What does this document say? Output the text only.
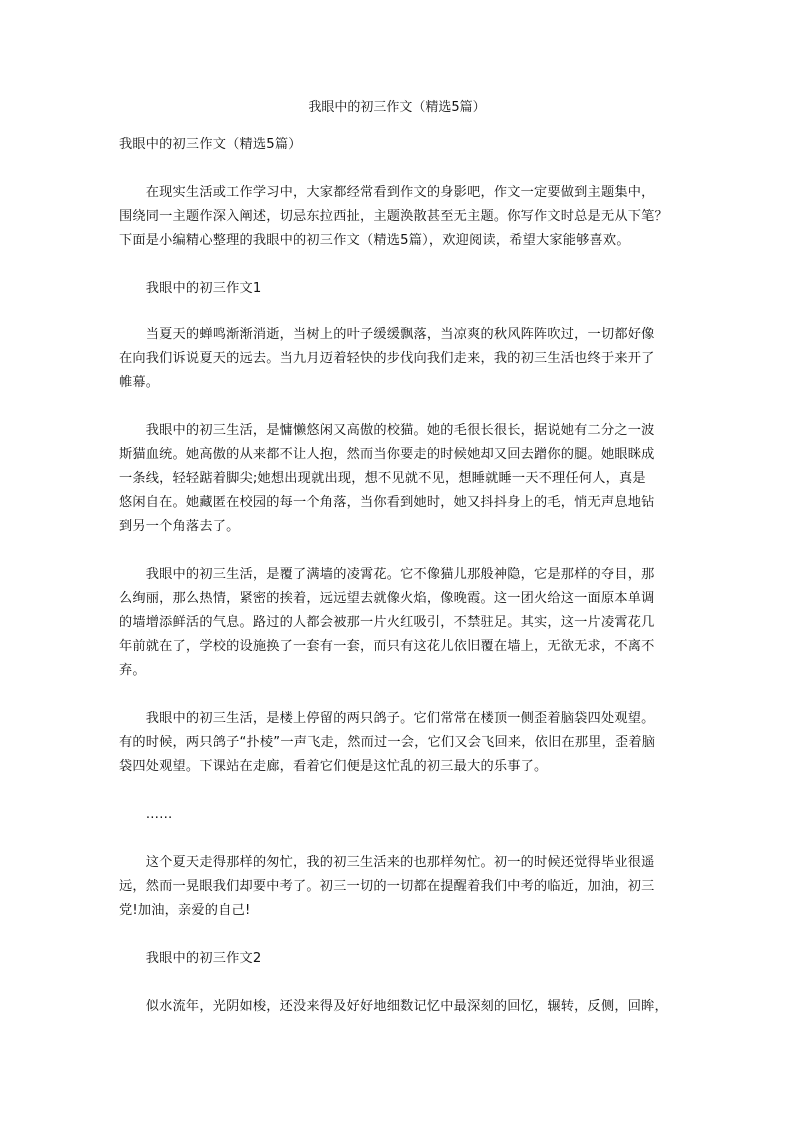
我眼中的初三作文（精选5篇）

我眼中的初三作文（精选5篇）

　　在现实生活或工作学习中，大家都经常看到作文的身影吧，作文一定要做到主题集中，
围绕同一主题作深入阐述，切忌东拉西扯，主题涣散甚至无主题。你写作文时总是无从下笔？
下面是小编精心整理的我眼中的初三作文（精选5篇），欢迎阅读，希望大家能够喜欢。

　　我眼中的初三作文1

　　当夏天的蝉鸣渐渐消逝，当树上的叶子缓缓飘落，当凉爽的秋风阵阵吹过，一切都好像
在向我们诉说夏天的远去。当九月迈着轻快的步伐向我们走来，我的初三生活也终于来开了
帷幕。

　　我眼中的初三生活，是慵懒悠闲又高傲的校猫。她的毛很长很长，据说她有二分之一波
斯猫血统。她高傲的从来都不让人抱，然而当你要走的时候她却又回去蹭你的腿。她眼眯成
一条线，轻轻踮着脚尖;她想出现就出现，想不见就不见，想睡就睡一天不理任何人，真是
悠闲自在。她藏匿在校园的每一个角落，当你看到她时，她又抖抖身上的毛，悄无声息地钻
到另一个角落去了。

　　我眼中的初三生活，是覆了满墙的凌霄花。它不像猫儿那般神隐，它是那样的夺目，那
么绚丽，那么热情，紧密的挨着，远远望去就像火焰，像晚霞。这一团火给这一面原本单调
的墙增添鲜活的气息。路过的人都会被那一片火红吸引，不禁驻足。其实，这一片凌霄花几
年前就在了，学校的设施换了一套有一套，而只有这花儿依旧覆在墙上，无欲无求，不离不
弃。

　　我眼中的初三生活，是楼上停留的两只鸽子。它们常常在楼顶一侧歪着脑袋四处观望。
有的时候，两只鸽子“扑棱”一声飞走，然而过一会，它们又会飞回来，依旧在那里，歪着脑
袋四处观望。下课站在走廊，看着它们便是这忙乱的初三最大的乐事了。

　　……

　　这个夏天走得那样的匆忙，我的初三生活来的也那样匆忙。初一的时候还觉得毕业很遥
远，然而一晃眼我们却要中考了。初三一切的一切都在提醒着我们中考的临近，加油，初三
党!加油，亲爱的自己!

　　我眼中的初三作文2

　　似水流年，光阴如梭，还没来得及好好地细数记忆中最深刻的回忆，辗转，反侧，回眸，
